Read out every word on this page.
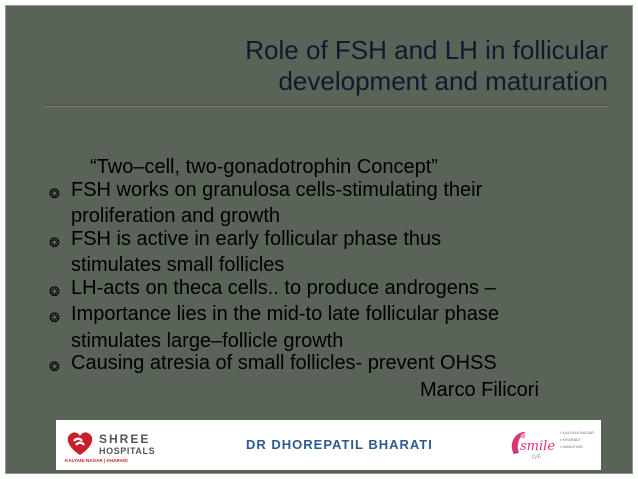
Role of FSH and LH in follicular
development and maturation
“Two–cell, two-gonadotrophin Concept”
❂ FSH works on granulosa cells-stimulating their
proliferation and growth
❂ FSH is active in early follicular phase thus
stimulates small follicles
❂ LH-acts on theca cells.. to produce androgens –
❂ Importance lies in the mid-to late follicular phase
stimulates large–follicle growth
❂ Causing atresia of small follicles- prevent OHSS
Marco Filicori
SHREE
HOSPITALS
KALYANI NAGAR | KHARADI
DR DHOREPATIL BHARATI	smile
IVF
• KALYANI NAGAR
• KHARADI
• MANCHAR
